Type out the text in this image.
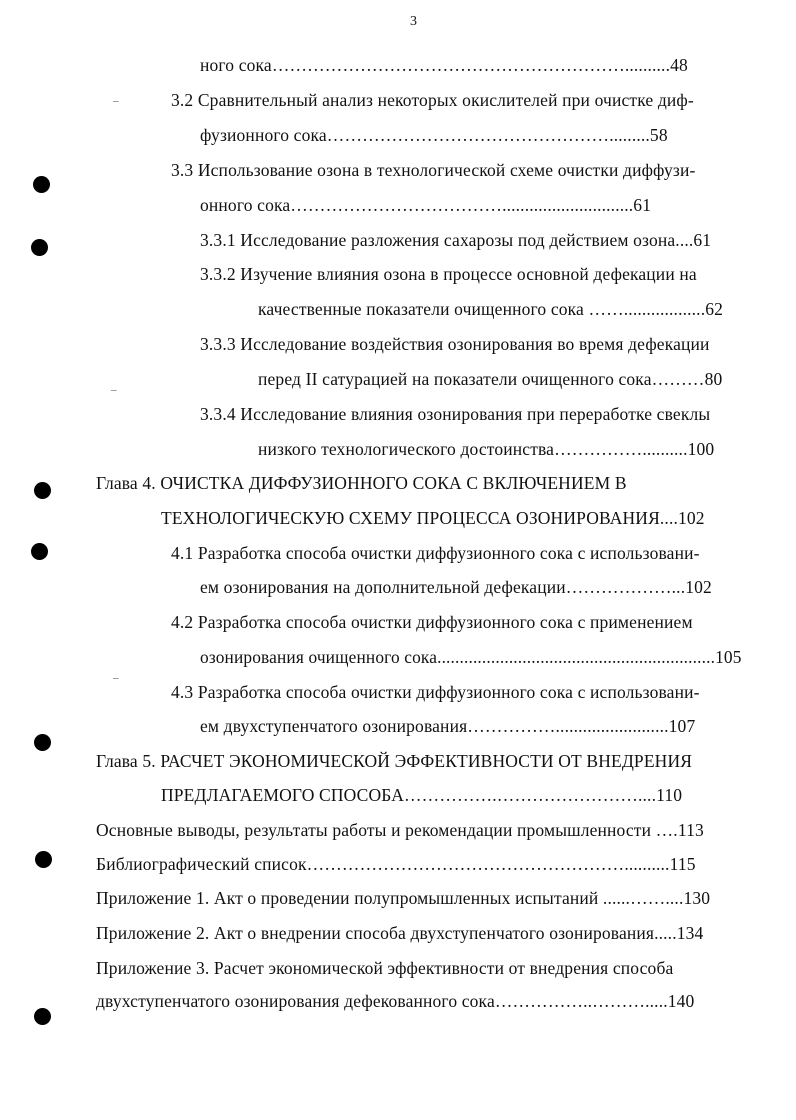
3
–
–
–
ного сока……………………………………………………..........48
3.2 Сравнительный анализ некоторых окислителей при очистке диф-
фузионного сока………………………………………….........58
3.3 Использование озона в технологической схеме очистки диффузи-
онного сока……………………………….............................61
3.3.1 Исследование разложения сахарозы под действием озона....61
3.3.2 Изучение влияния озона в процессе основной дефекации на
качественные показатели очищенного сока ……..................62
3.3.3 Исследование воздействия озонирования во время дефекации
перед II сатурацией на показатели очищенного сока………80
3.3.4 Исследование влияния озонирования при переработке свеклы
низкого технологического достоинства……………..........100
Глава 4. ОЧИСТКА ДИФФУЗИОННОГО СОКА С ВКЛЮЧЕНИЕМ В
ТЕХНОЛОГИЧЕСКУЮ СХЕМУ ПРОЦЕССА ОЗОНИРОВАНИЯ....102
4.1 Разработка способа очистки диффузионного сока с использовани-
ем озонирования на дополнительной дефекации………………...102
4.2 Разработка способа очистки диффузионного сока с применением
озонирования очищенного сока..............................................................105
4.3 Разработка способа очистки диффузионного сока с использовани-
ем двухступенчатого озонирования…………….........................107
Глава 5. РАСЧЕТ ЭКОНОМИЧЕСКОЙ ЭФФЕКТИВНОСТИ ОТ ВНЕДРЕНИЯ
ПРЕДЛАГАЕМОГО СПОСОБА…………….……………………....110
Основные выводы, результаты работы и рекомендации промышленности ….113
Библиографический список………………………………………………..........115
Приложение 1. Акт о проведении полупромышленных испытаний ......……....130
Приложение 2. Акт о внедрении способа двухступенчатого озонирования.....134
Приложение 3. Расчет экономической эффективности от внедрения способа
двухступенчатого озонирования дефекованного сока……………..……….....140
